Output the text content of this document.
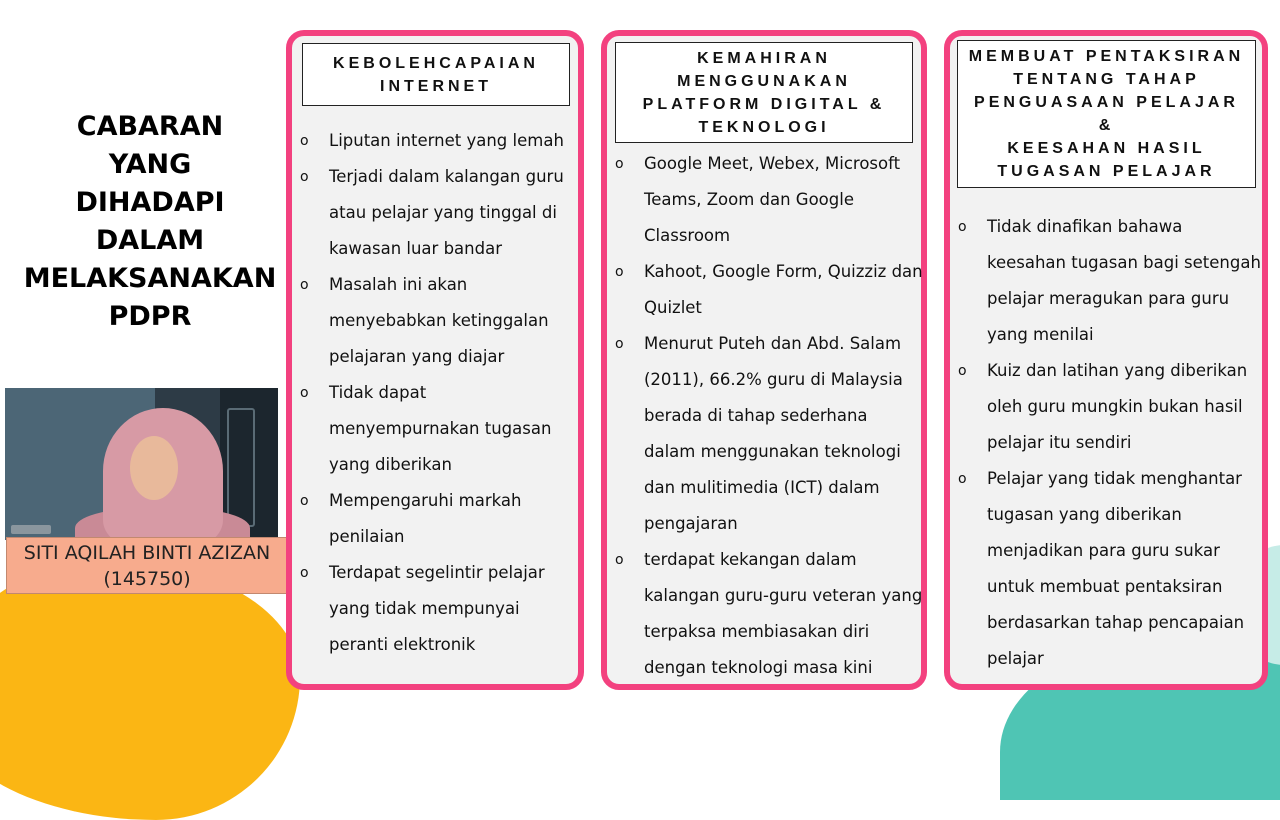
CABARAN
YANG
DIHADAPI
DALAM
MELAKSANAKAN
PDPR
SITI AQILAH BINTI AZIZAN
(145750)
KEBOLEHCAPAIAN
INTERNET
o Liputan internet yang lemah
o Terjadi dalam kalangan guru atau pelajar yang tinggal di kawasan luar bandar
o Masalah ini akan menyebabkan ketinggalan pelajaran yang diajar
o Tidak dapat menyempurnakan tugasan yang diberikan
o Mempengaruhi markah penilaian
o Terdapat segelintir pelajar yang tidak mempunyai peranti elektronik
KEMAHIRAN
MENGGUNAKAN
PLATFORM DIGITAL &
TEKNOLOGI
o Google Meet, Webex, Microsoft Teams, Zoom dan Google Classroom
o Kahoot, Google Form, Quizziz dan Quizlet
o Menurut Puteh dan Abd. Salam (2011), 66.2% guru di Malaysia berada di tahap sederhana dalam menggunakan teknologi dan mulitimedia (ICT) dalam pengajaran
o terdapat kekangan dalam kalangan guru-guru veteran yang terpaksa membiasakan diri dengan teknologi masa kini
MEMBUAT PENTAKSIRAN
TENTANG TAHAP
PENGUASAAN PELAJAR
&
KEESAHAN HASIL
TUGASAN PELAJAR
o Tidak dinafikan bahawa keesahan tugasan bagi setengah pelajar meragukan para guru yang menilai
o Kuiz dan latihan yang diberikan oleh guru mungkin bukan hasil pelajar itu sendiri
o Pelajar yang tidak menghantar tugasan yang diberikan menjadikan para guru sukar untuk membuat pentaksiran berdasarkan tahap pencapaian pelajar
